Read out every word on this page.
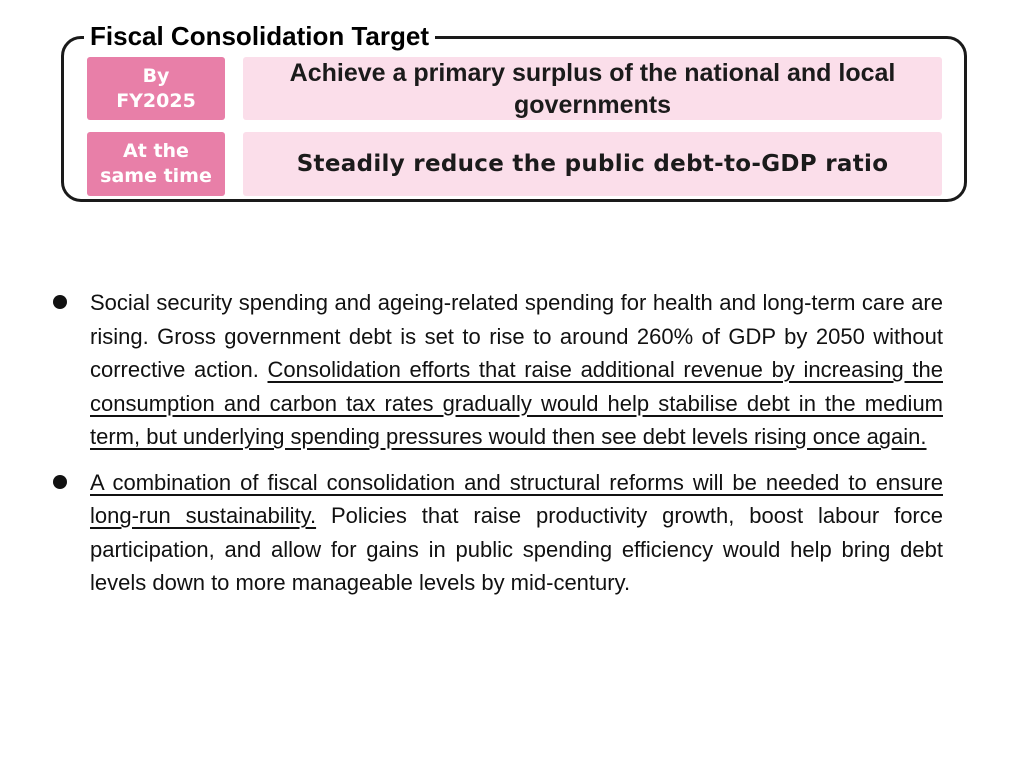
Fiscal Consolidation Target
By
FY2025
Achieve a primary surplus of the national and local governments
At the
same time	Steadily reduce the public debt-to-GDP ratio
Social security spending and ageing-related spending for health and long-term care are rising. Gross government debt is set to rise to around 260% of GDP by 2050 without corrective action. Consolidation efforts that raise additional revenue by increasing the consumption and carbon tax rates gradually would help stabilise debt in the medium term, but underlying spending pressures would then see debt levels rising once again.
A combination of fiscal consolidation and structural reforms will be needed to ensure long-run sustainability. Policies that raise productivity growth, boost labour force participation, and allow for gains in public spending efficiency would help bring debt levels down to more manageable levels by mid-century.
